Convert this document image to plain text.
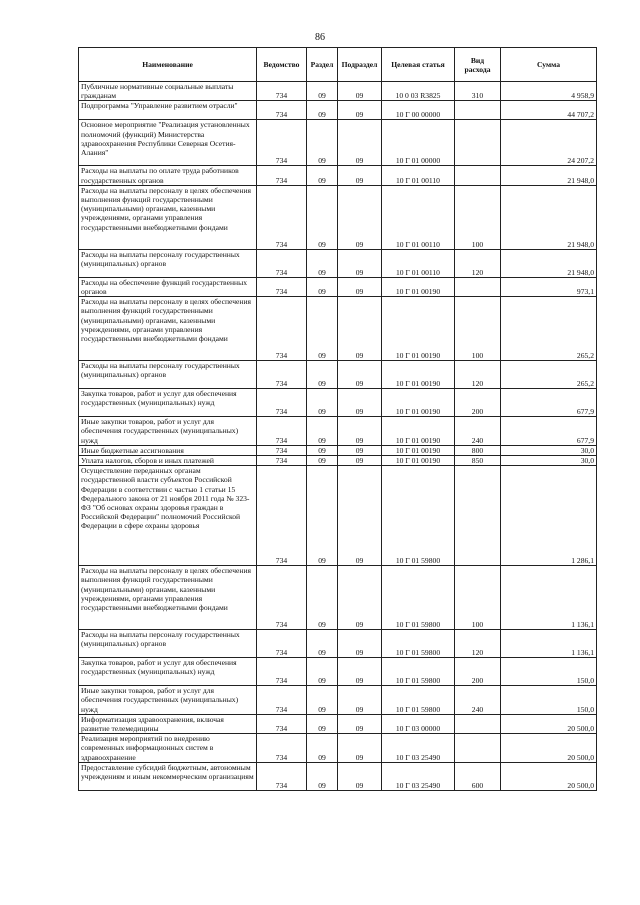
86
Наименование	Ведомство	Раздел	Подраздел	Целевая статья	Вид расхода	Сумма
Публичные нормативные социальные выплаты гражданам	734	09	09	10 0 03 R3825	310	4 958,9
Подпрограмма "Управление развитием отрасли"	734	09	09	10 Г 00 00000		44 707,2
Основное мероприятие "Реализация установленных полномочий (функций) Министерства здравоохранения Республики Северная Осетия-Алания"	734	09	09	10 Г 01 00000		24 207,2
Расходы на выплаты по оплате труда работников государственных органов	734	09	09	10 Г 01 00110		21 948,0
Расходы на выплаты персоналу в целях обеспечения выполнения функций государственными (муниципальными) органами, казенными учреждениями, органами управления государственными внебюджетными фондами	734	09	09	10 Г 01 00110	100	21 948,0
Расходы на выплаты персоналу государственных (муниципальных) органов	734	09	09	10 Г 01 00110	120	21 948,0
Расходы на обеспечение функций государственных органов	734	09	09	10 Г 01 00190		973,1
Расходы на выплаты персоналу в целях обеспечения выполнения функций государственными (муниципальными) органами, казенными учреждениями, органами управления государственными внебюджетными фондами	734	09	09	10 Г 01 00190	100	265,2
Расходы на выплаты персоналу государственных (муниципальных) органов	734	09	09	10 Г 01 00190	120	265,2
Закупка товаров, работ и услуг для обеспечения государственных (муниципальных) нужд	734	09	09	10 Г 01 00190	200	677,9
Иные закупки товаров, работ и услуг для обеспечения государственных (муниципальных) нужд	734	09	09	10 Г 01 00190	240	677,9
Иные бюджетные ассигнования	734	09	09	10 Г 01 00190	800	30,0
Уплата налогов, сборов и иных платежей	734	09	09	10 Г 01 00190	850	30,0
Осуществление переданных органам государственной власти субъектов Российской Федерации в соответствии с частью 1 статьи 15 Федерального закона от 21 ноября 2011 года № 323-ФЗ "Об основах охраны здоровья граждан в Российской Федерации" полномочий Российской Федерации в сфере охраны здоровья	734	09	09	10 Г 01 59800		1 286,1
Расходы на выплаты персоналу в целях обеспечения выполнения функций государственными (муниципальными) органами, казенными учреждениями, органами управления государственными внебюджетными фондами	734	09	09	10 Г 01 59800	100	1 136,1
Расходы на выплаты персоналу государственных (муниципальных) органов	734	09	09	10 Г 01 59800	120	1 136,1
Закупка товаров, работ и услуг для обеспечения государственных (муниципальных) нужд	734	09	09	10 Г 01 59800	200	150,0
Иные закупки товаров, работ и услуг для обеспечения государственных (муниципальных) нужд	734	09	09	10 Г 01 59800	240	150,0
Информатизация здравоохранения, включая развитие телемедицины	734	09	09	10 Г 03 00000		20 500,0
Реализация мероприятий по внедрению современных информационных систем в здравоохранение	734	09	09	10 Г 03 25490		20 500,0
Предоставление субсидий бюджетным, автономным учреждениям и иным некоммерческим организациям	734	09	09	10 Г 03 25490	600	20 500,0
